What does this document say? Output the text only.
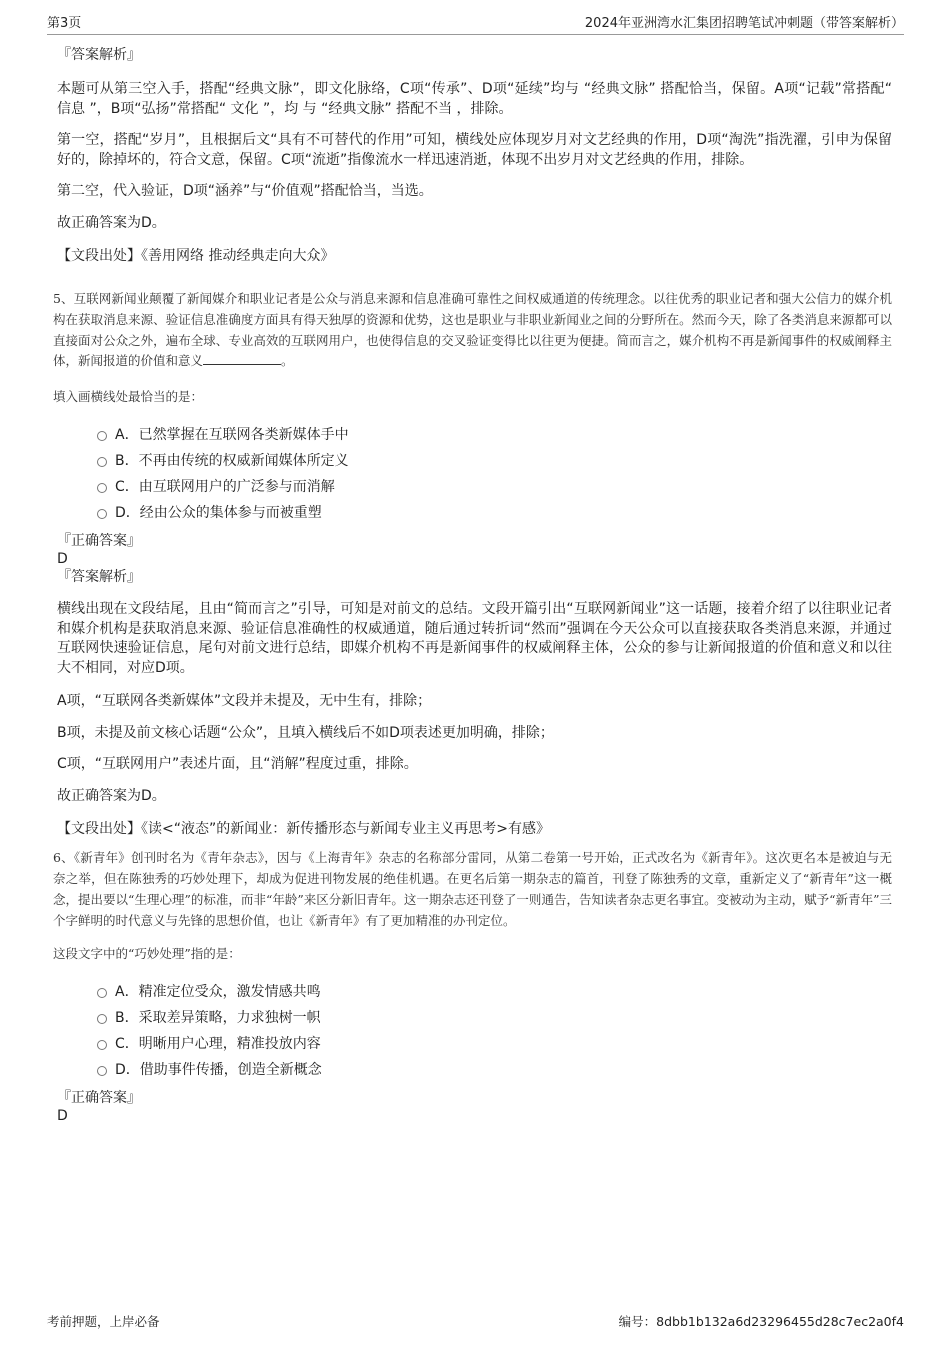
第3页	2024年亚洲湾水汇集团招聘笔试冲刺题（带答案解析）

『答案解析』

本题可从第三空入手，搭配“经典文脉”，即文化脉络，C项“传承”、D项“延续”均与 “经典文脉” 搭配恰当，保留。A项“记载”常搭配“ 信息 ”，B项“弘扬”常搭配“ 文化 ”，均 与 “经典文脉” 搭配不当 ，排除。

第一空，搭配“岁月”，且根据后文“具有不可替代的作用”可知，横线处应体现岁月对文艺经典的作用，D项“淘洗”指洗濯，引申为保留好的，除掉坏的，符合文意，保留。C项“流逝”指像流水一样迅速消逝，体现不出岁月对文艺经典的作用，排除。

第二空，代入验证，D项“涵养”与“价值观”搭配恰当，当选。

故正确答案为D。

【文段出处】《善用网络 推动经典走向大众》

5、互联网新闻业颠覆了新闻媒介和职业记者是公众与消息来源和信息准确可靠性之间权威通道的传统理念。以往优秀的职业记者和强大公信力的媒介机构在获取消息来源、验证信息准确度方面具有得天独厚的资源和优势，这也是职业与非职业新闻业之间的分野所在。然而今天，除了各类消息来源都可以直接面对公众之外，遍布全球、专业高效的互联网用户，也使得信息的交叉验证变得比以往更为便捷。简而言之，媒介机构不再是新闻事件的权威阐释主体，新闻报道的价值和意义	。

填入画横线处最恰当的是：

A．已然掌握在互联网各类新媒体手中
B．不再由传统的权威新闻媒体所定义
C．由互联网用户的广泛参与而消解
D．经由公众的集体参与而被重塑

『正确答案』

D

『答案解析』

横线出现在文段结尾，且由“简而言之”引导，可知是对前文的总结。文段开篇引出“互联网新闻业”这一话题，接着介绍了以往职业记者和媒介机构是获取消息来源、验证信息准确性的权威通道，随后通过转折词“然而”强调在今天公众可以直接获取各类消息来源，并通过互联网快速验证信息，尾句对前文进行总结，即媒介机构不再是新闻事件的权威阐释主体，公众的参与让新闻报道的价值和意义和以往大不相同，对应D项。

A项，“互联网各类新媒体”文段并未提及，无中生有，排除；

B项，未提及前文核心话题“公众”，且填入横线后不如D项表述更加明确，排除；

C项，“互联网用户”表述片面，且“消解”程度过重，排除。

故正确答案为D。

【文段出处】《读<“液态”的新闻业：新传播形态与新闻专业主义再思考>有感》

6、《新青年》创刊时名为《青年杂志》，因与《上海青年》杂志的名称部分雷同，从第二卷第一号开始，正式改名为《新青年》。这次更名本是被迫与无奈之举，但在陈独秀的巧妙处理下，却成为促进刊物发展的绝佳机遇。在更名后第一期杂志的篇首，刊登了陈独秀的文章，重新定义了“新青年”这一概念，提出要以“生理心理”的标准，而非“年龄”来区分新旧青年。这一期杂志还刊登了一则通告，告知读者杂志更名事宜。变被动为主动，赋予“新青年”三个字鲜明的时代意义与先锋的思想价值，也让《新青年》有了更加精准的办刊定位。

这段文字中的“巧妙处理”指的是：

A．精准定位受众，激发情感共鸣
B．采取差异策略，力求独树一帜
C．明晰用户心理，精准投放内容
D．借助事件传播，创造全新概念

『正确答案』

D

考前押题，上岸必备	编号：8dbb1b132a6d23296455d28c7ec2a0f4
